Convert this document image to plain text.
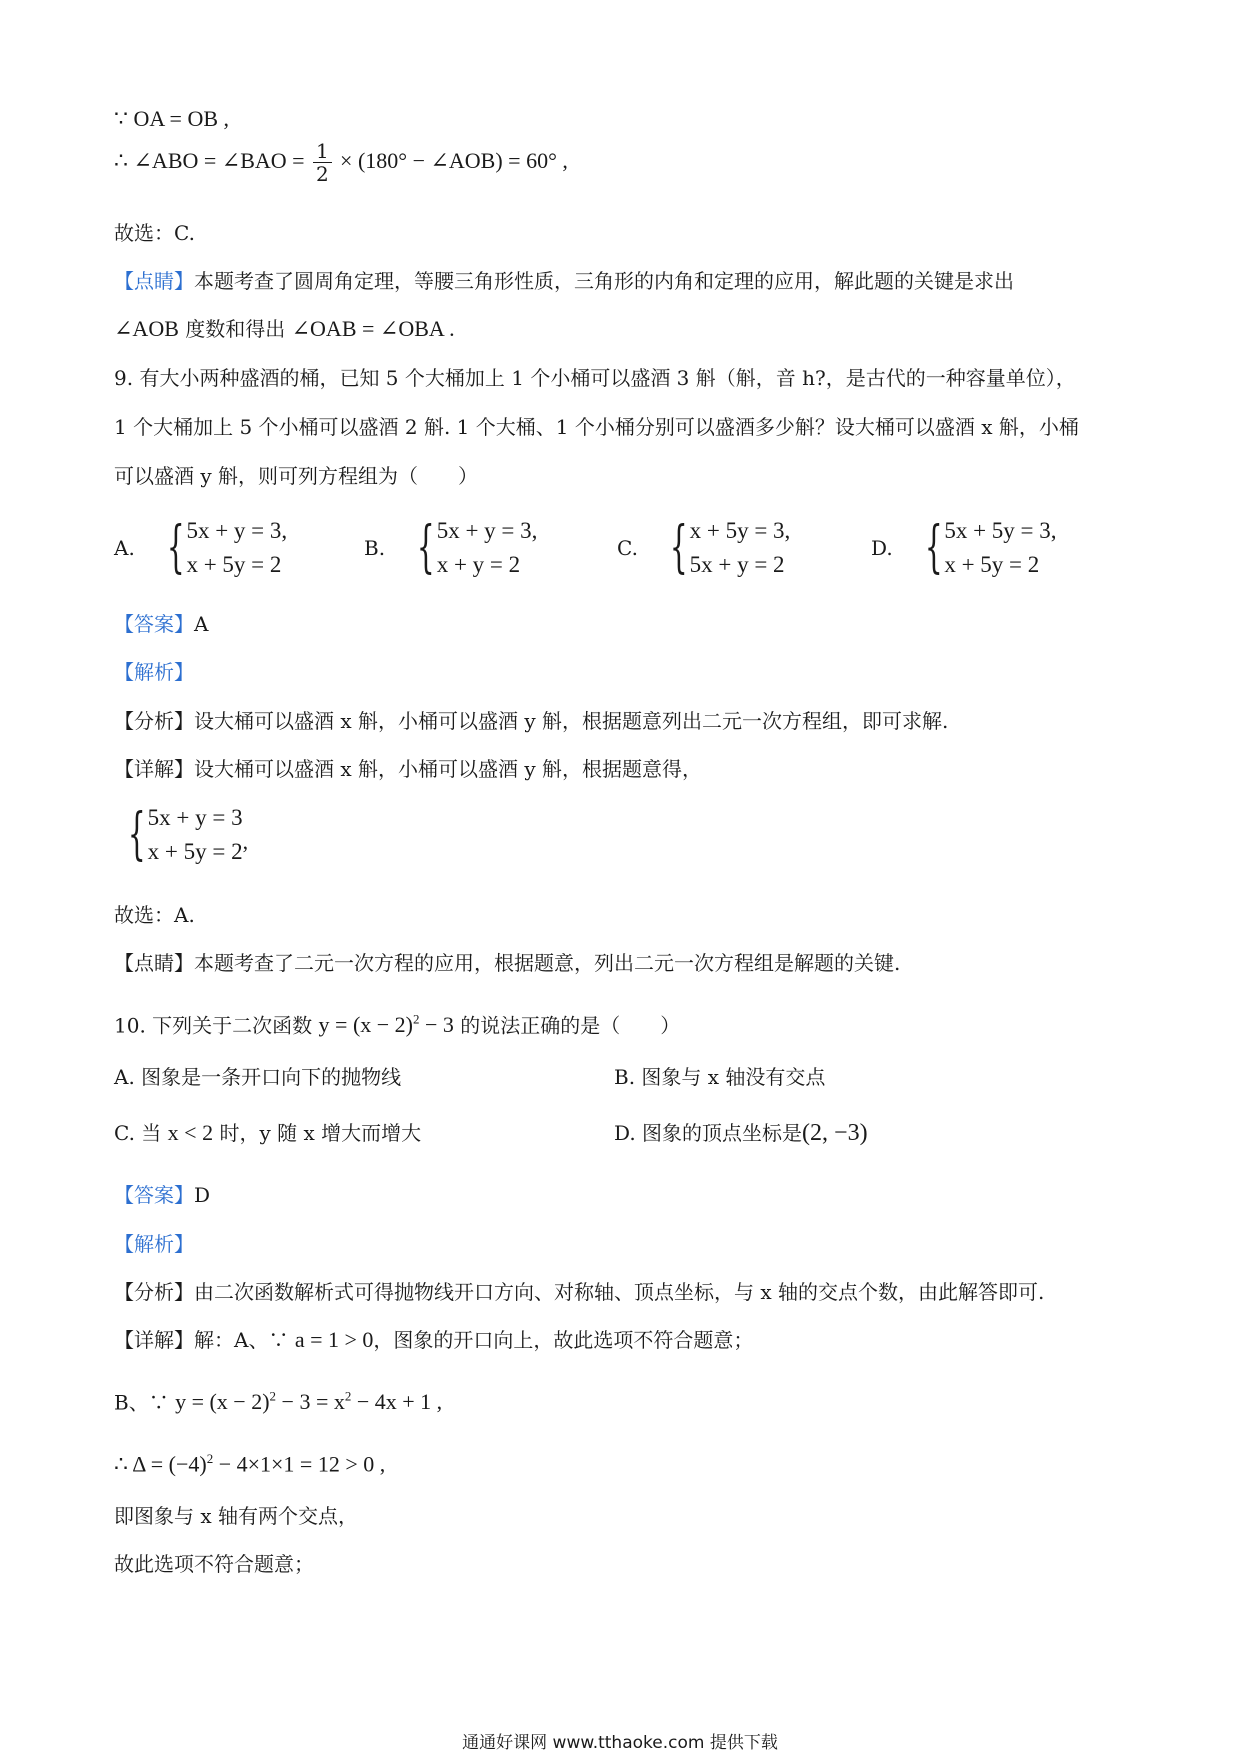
∵ OA = OB ,
∴ ∠ABO = ∠BAO = $\frac{1}{2} \times (180^\circ$ − ∠AOB) = 60° ,
故选：C.
【点睛】本题考查了圆周角定理，等腰三角形性质，三角形的内角和定理的应用，解此题的关键是求出
∠AOB 度数和得出 ∠OAB = ∠OBA .
9. 有大小两种盛酒的桶，已知 5 个大桶加上 1 个小桶可以盛酒 3 斛（斛，音 h?，是古代的一种容量单位），
1 个大桶加上 5 个小桶可以盛酒 2 斛. 1 个大桶、1 个小桶分别可以盛酒多少斛？设大桶可以盛酒 x 斛，小桶
可以盛酒 y 斛，则可列方程组为（　　）
A. { 5x + y = 3,
x + 5y = 2
B. { 5x + y = 3,
x + y = 2
C. { x + 5y = 3,
5x + y = 2
D. { 5x + 5y = 3,
x + 5y = 2
【答案】A
【解析】
【分析】设大桶可以盛酒 x 斛，小桶可以盛酒 y 斛，根据题意列出二元一次方程组，即可求解.
【详解】设大桶可以盛酒 x 斛，小桶可以盛酒 y 斛，根据题意得，
{ 5x + y = 3
x + 5y = 2 ,
故选：A.
【点睛】本题考查了二元一次方程的应用，根据题意，列出二元一次方程组是解题的关键.
10. 下列关于二次函数 $y = (x - 2)^2 - 3$ 的说法正确的是（　　）
A. 图象是一条开口向下的抛物线	B. 图象与 x 轴没有交点
C. 当 x < 2 时，y 随 x 增大而增大	D. 图象的顶点坐标是(2, −3)
【答案】D
【解析】
【分析】由二次函数解析式可得抛物线开口方向、对称轴、顶点坐标，与 x 轴的交点个数，由此解答即可.
【详解】解：A、∵ a = 1 > 0，图象的开口向上，故此选项不符合题意；
B、∵ $y = (x - 2)^2 - 3 = x^2 - 4x + 1$ ,
∴ $\Delta = (-4)^2 - 4\times 1\times 1 = 12 > 0$ ,
即图象与 x 轴有两个交点，
故此选项不符合题意；
通通好课网 www.tthaoke.com 提供下载
